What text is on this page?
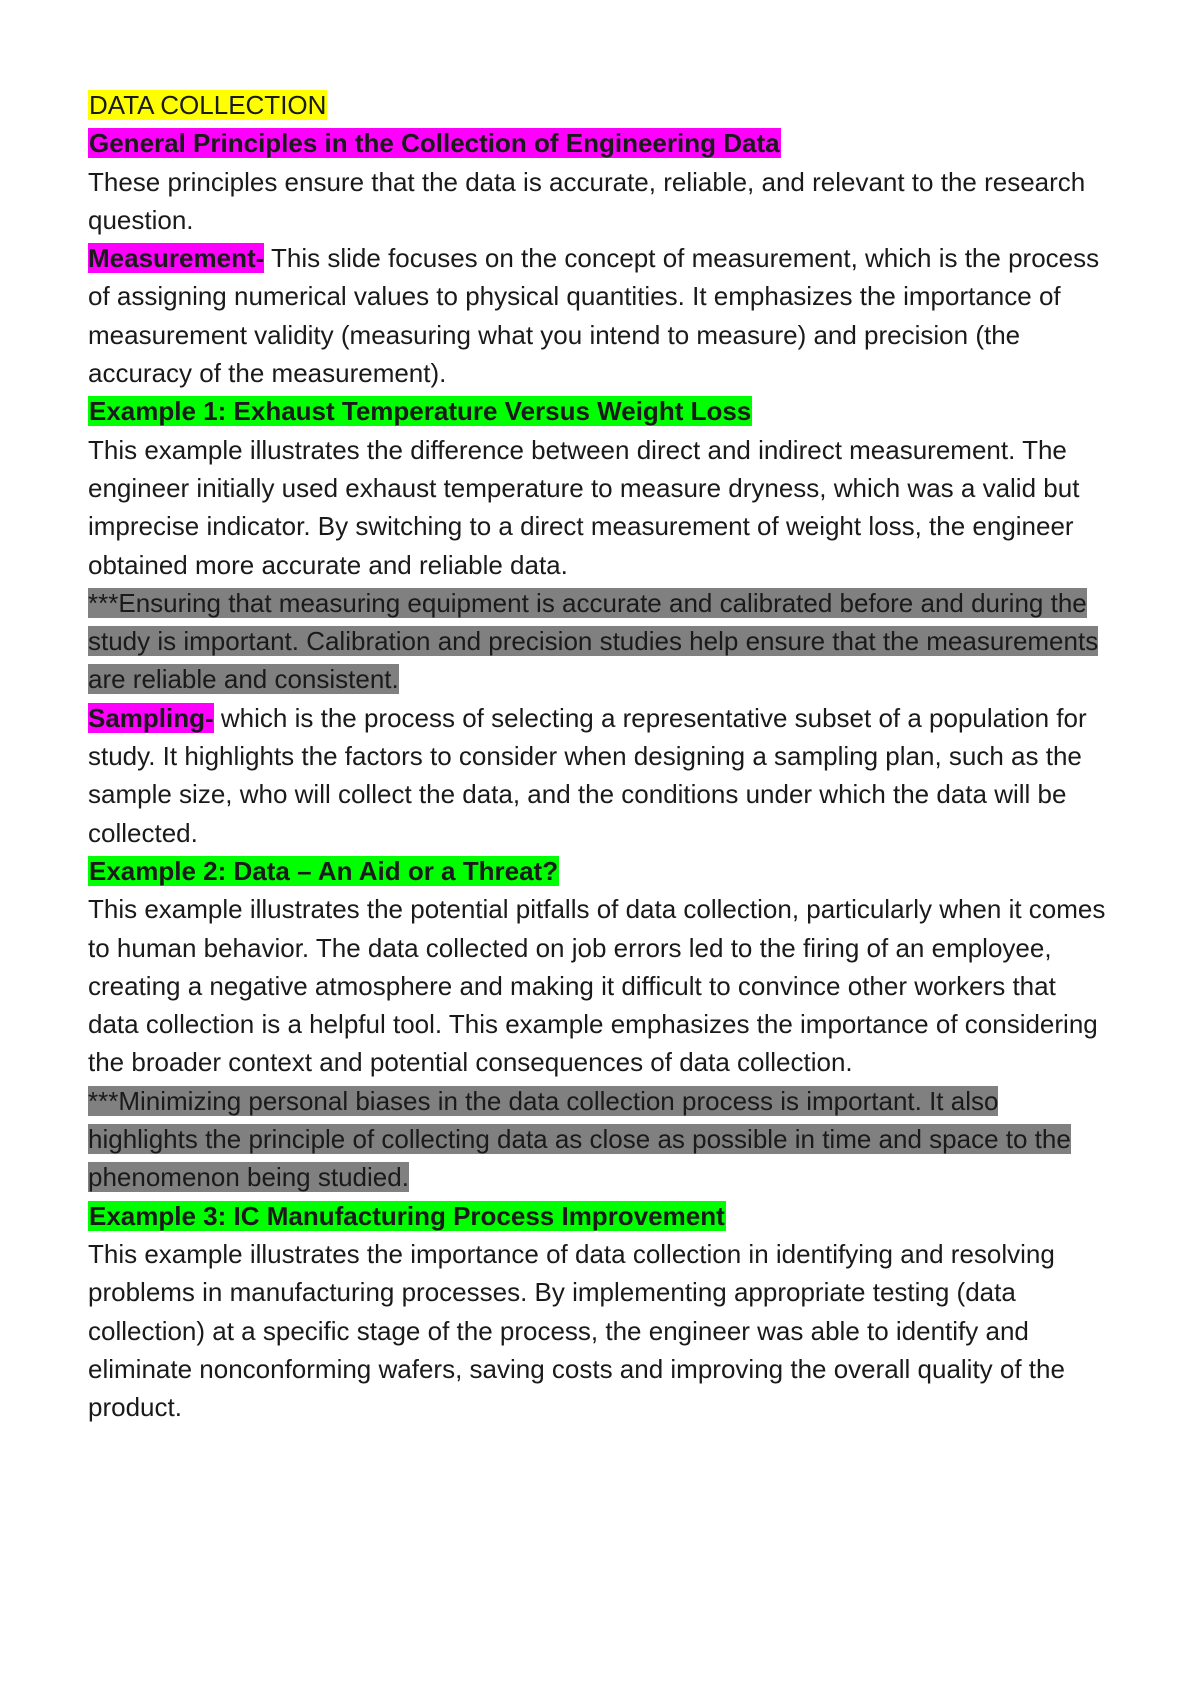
DATA COLLECTION

General Principles in the Collection of Engineering Data

These principles ensure that the data is accurate, reliable, and relevant to the research question.

Measurement- This slide focuses on the concept of measurement, which is the process of assigning numerical values to physical quantities. It emphasizes the importance of measurement validity (measuring what you intend to measure) and precision (the accuracy of the measurement).

Example 1: Exhaust Temperature Versus Weight Loss

This example illustrates the difference between direct and indirect measurement. The engineer initially used exhaust temperature to measure dryness, which was a valid but imprecise indicator. By switching to a direct measurement of weight loss, the engineer obtained more accurate and reliable data.

***Ensuring that measuring equipment is accurate and calibrated before and during the study is important. Calibration and precision studies help ensure that the measurements are reliable and consistent.

Sampling- which is the process of selecting a representative subset of a population for study. It highlights the factors to consider when designing a sampling plan, such as the sample size, who will collect the data, and the conditions under which the data will be collected.

Example 2: Data – An Aid or a Threat?

This example illustrates the potential pitfalls of data collection, particularly when it comes to human behavior. The data collected on job errors led to the firing of an employee, creating a negative atmosphere and making it difficult to convince other workers that data collection is a helpful tool. This example emphasizes the importance of considering the broader context and potential consequences of data collection.

***Minimizing personal biases in the data collection process is important. It also highlights the principle of collecting data as close as possible in time and space to the phenomenon being studied.

Example 3: IC Manufacturing Process Improvement

This example illustrates the importance of data collection in identifying and resolving problems in manufacturing processes. By implementing appropriate testing (data collection) at a specific stage of the process, the engineer was able to identify and eliminate nonconforming wafers, saving costs and improving the overall quality of the product.
